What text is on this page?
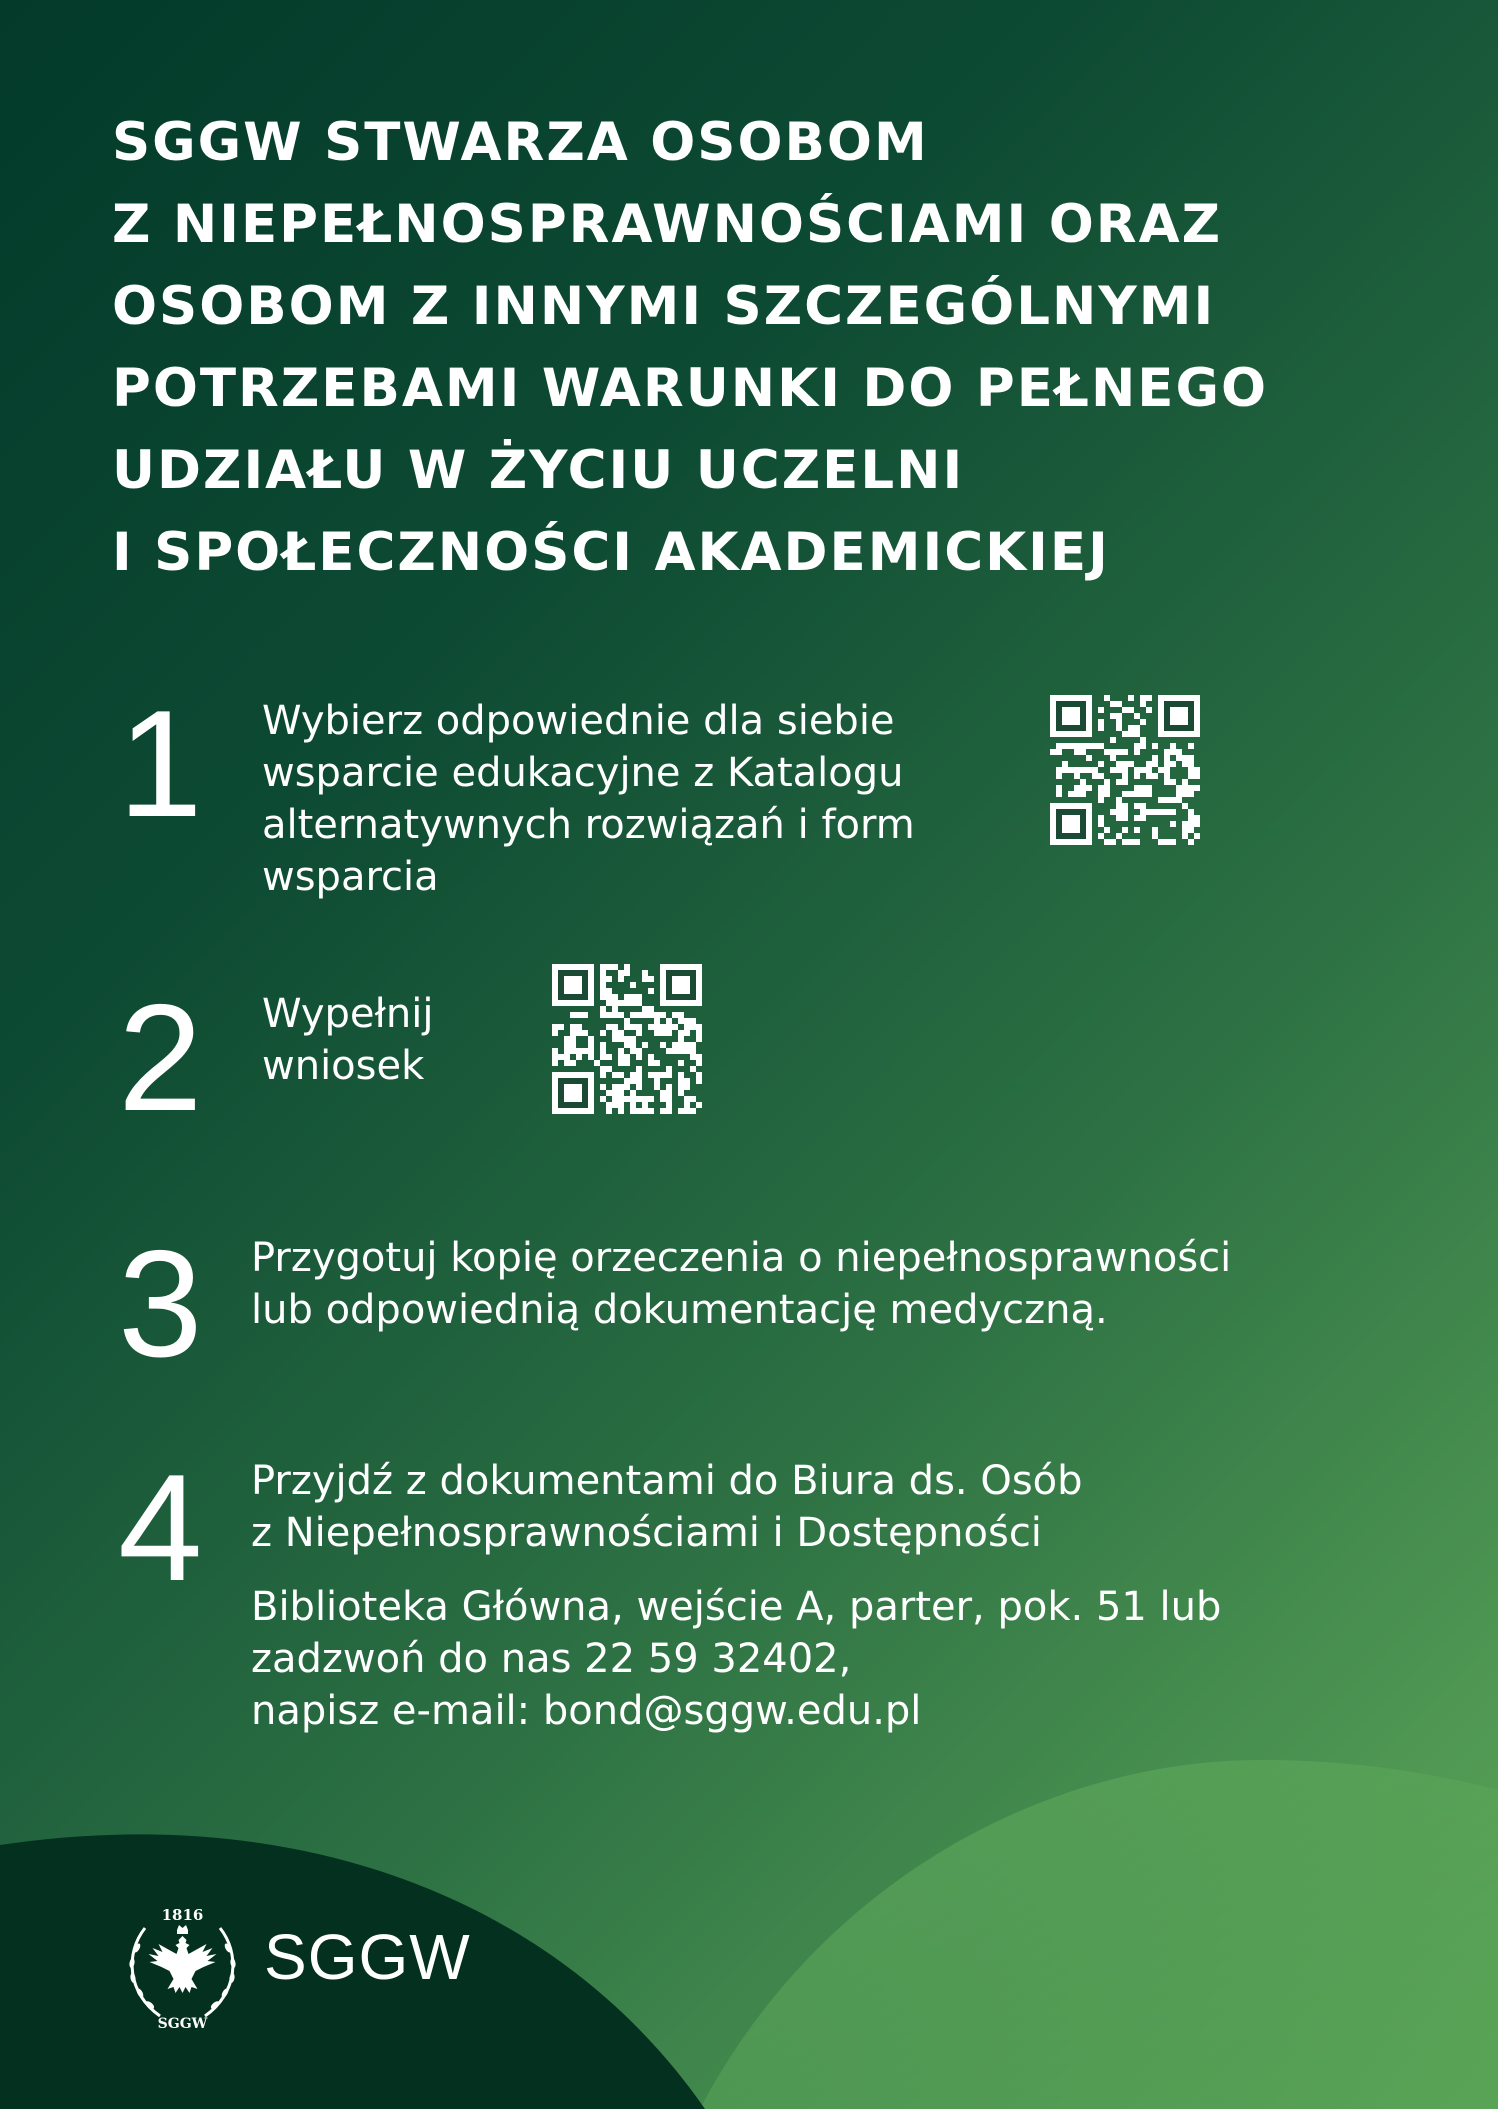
SGGW STWARZA OSOBOM
Z NIEPEŁNOSPRAWNOŚCIAMI ORAZ
OSOBOM Z INNYMI SZCZEGÓLNYMI
POTRZEBAMI WARUNKI DO PEŁNEGO
UDZIAŁU W ŻYCIU UCZELNI
I SPOŁECZNOŚCI AKADEMICKIEJ
1 Wybierz odpowiednie dla siebie
wsparcie edukacyjne z Katalogu
alternatywnych rozwiązań i form
wsparcia
2 Wypełnij
wniosek
3 Przygotuj kopię orzeczenia o niepełnosprawności
lub odpowiednią dokumentację medyczną.
4 Przyjdź z dokumentami do Biura ds. Osób
z Niepełnosprawnościami i Dostępności
Biblioteka Główna, wejście A, parter, pok. 51 lub
zadzwoń do nas 22 59 32402,
napisz e-mail: bond@sggw.edu.pl
1816
SGGW
SGGW
